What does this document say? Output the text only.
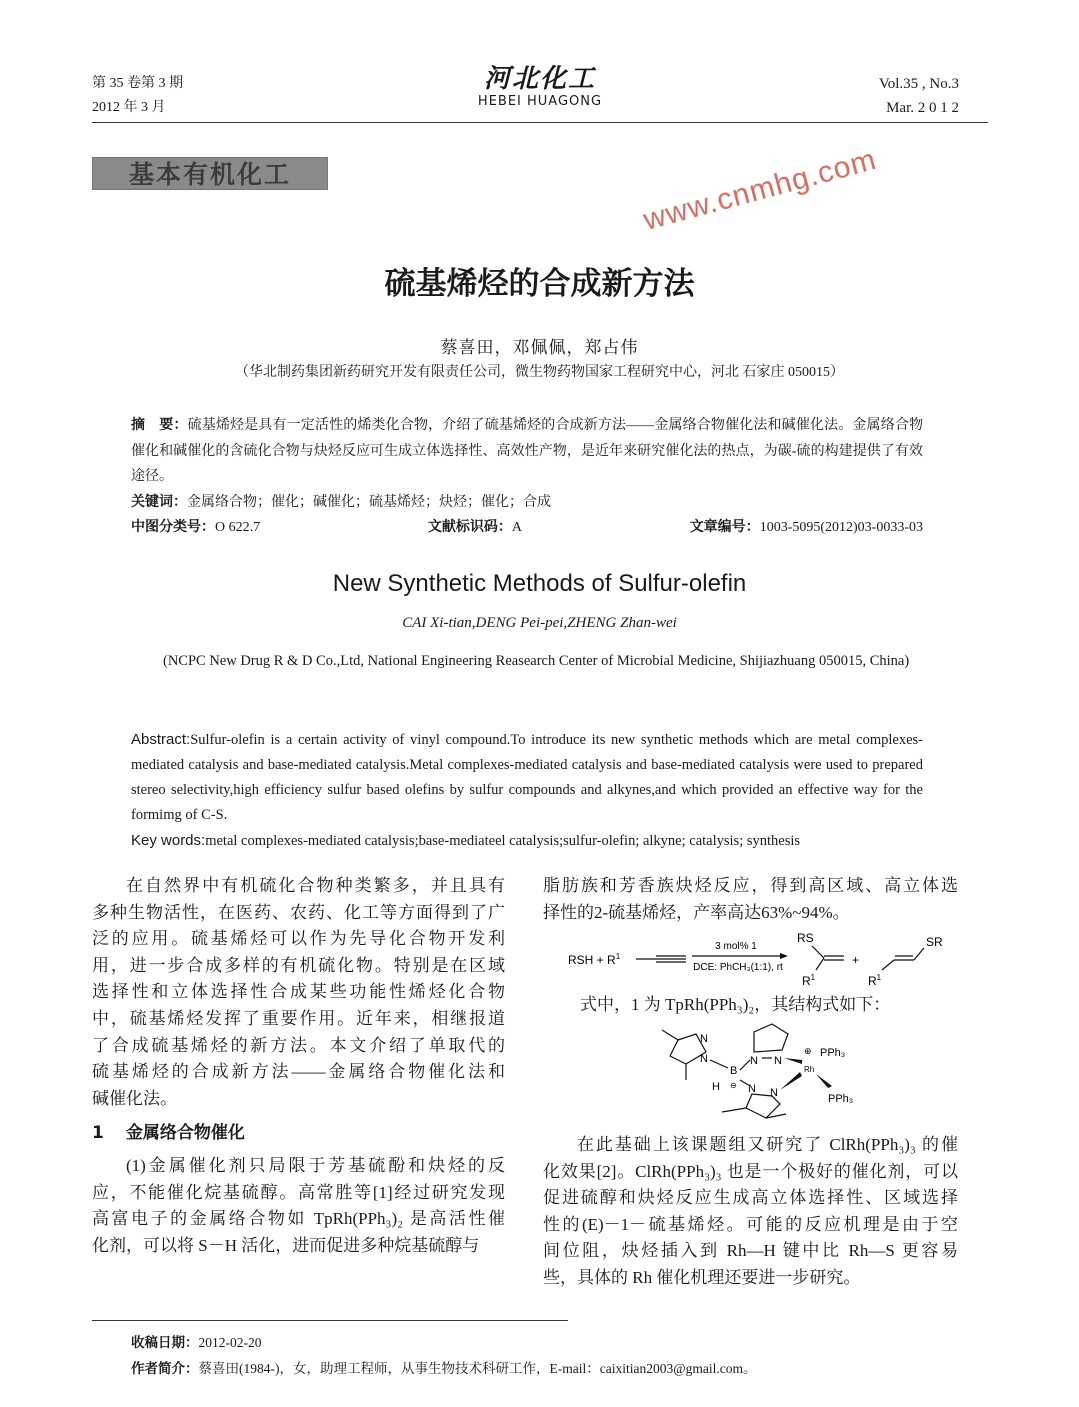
第 35 卷第 3 期
2012 年 3 月
河北化工
HEBEI HUAGONG
Vol.35 , No.3
Mar. 2 0 1 2
基本有机化工	www.cnmhg.com
硫基烯烃的合成新方法
蔡喜田，邓佩佩，郑占伟
（华北制药集团新药研究开发有限责任公司，微生物药物国家工程研究中心，河北 石家庄 050015）
摘　要：硫基烯烃是具有一定活性的烯类化合物，介绍了硫基烯烃的合成新方法——金属络合物催化法和碱催化法。金属络合物催化和碱催化的含硫化合物与炔烃反应可生成立体选择性、高效性产物，是近年来研究催化法的热点，为碳-硫的构建提供了有效途径。
关键词：金属络合物；催化；碱催化；硫基烯烃；炔烃；催化；合成
中图分类号：O 622.7	文献标识码：A	文章编号：1003-5095(2012)03-0033-03
New Synthetic Methods of Sulfur-olefin
CAI Xi-tian,DENG Pei-pei,ZHENG Zhan-wei
(NCPC New Drug R & D Co.,Ltd, National Engineering Reasearch Center of Microbial Medicine, Shijiazhuang 050015, China)
Abstract:Sulfur-olefin is a certain activity of vinyl compound.To introduce its new synthetic methods which are metal complexes-mediated catalysis and base-mediated catalysis.Metal complexes-mediated catalysis and base-mediated catalysis were used to prepared stereo selectivity,high efficiency sulfur based olefins by sulfur compounds and alkynes,and which provided an effective way for the formimg of C-S.
Key words:metal complexes-mediated catalysis;base-mediateel catalysis;sulfur-olefin; alkyne; catalysis; synthesis
在自然界中有机硫化合物种类繁多，并且具有
多种生物活性，在医药、农药、化工等方面得到了广
泛的应用。硫基烯烃可以作为先导化合物开发利
用，进一步合成多样的有机硫化物。特别是在区域
选择性和立体选择性合成某些功能性烯烃化合物
中，硫基烯烃发挥了重要作用。近年来，相继报道
了合成硫基烯烃的新方法。本文介绍了单取代的
硫基烯烃的合成新方法——金属络合物催化法和
碱催化法。
1 金属络合物催化
(1)金属催化剂只局限于芳基硫酚和炔烃的反
应，不能催化烷基硫醇。高常胜等[1]经过研究发现
高富电子的金属络合物如 TpRh(PPh₃)₂ 是高活性催
化剂，可以将 S－H 活化，进而促进多种烷基硫醇与
脂肪族和芳香族炔烃反应，得到高区域、高立体选
择性的2-硫基烯烃，产率高达63%~94%。
RSH + $R^1$
3 mol% 1
DCE: PhCH₃(1:1), rt
RS
$R^1$
+
SR
$R^1$
式中，1 为 TpRh(PPh₃)₂，其结构式如下：
N
N
B
H ⊖
N N
N N
Rh
⊕ PPh₃
PPh₃
在此基础上该课题组又研究了 ClRh(PPh₃)₃ 的催
化效果[2]。ClRh(PPh₃)₃ 也是一个极好的催化剂，可以
促进硫醇和炔烃反应生成高立体选择性、区域选择
性的(E)－1－硫基烯烃。可能的反应机理是由于空
间位阻，炔烃插入到 Rh—H 键中比 Rh—S 更容易
些，具体的 Rh 催化机理还要进一步研究。
收稿日期：2012-02-20
作者简介：蔡喜田(1984-)，女，助理工程师，从事生物技术科研工作，E-mail：caixitian2003@gmail.com。
